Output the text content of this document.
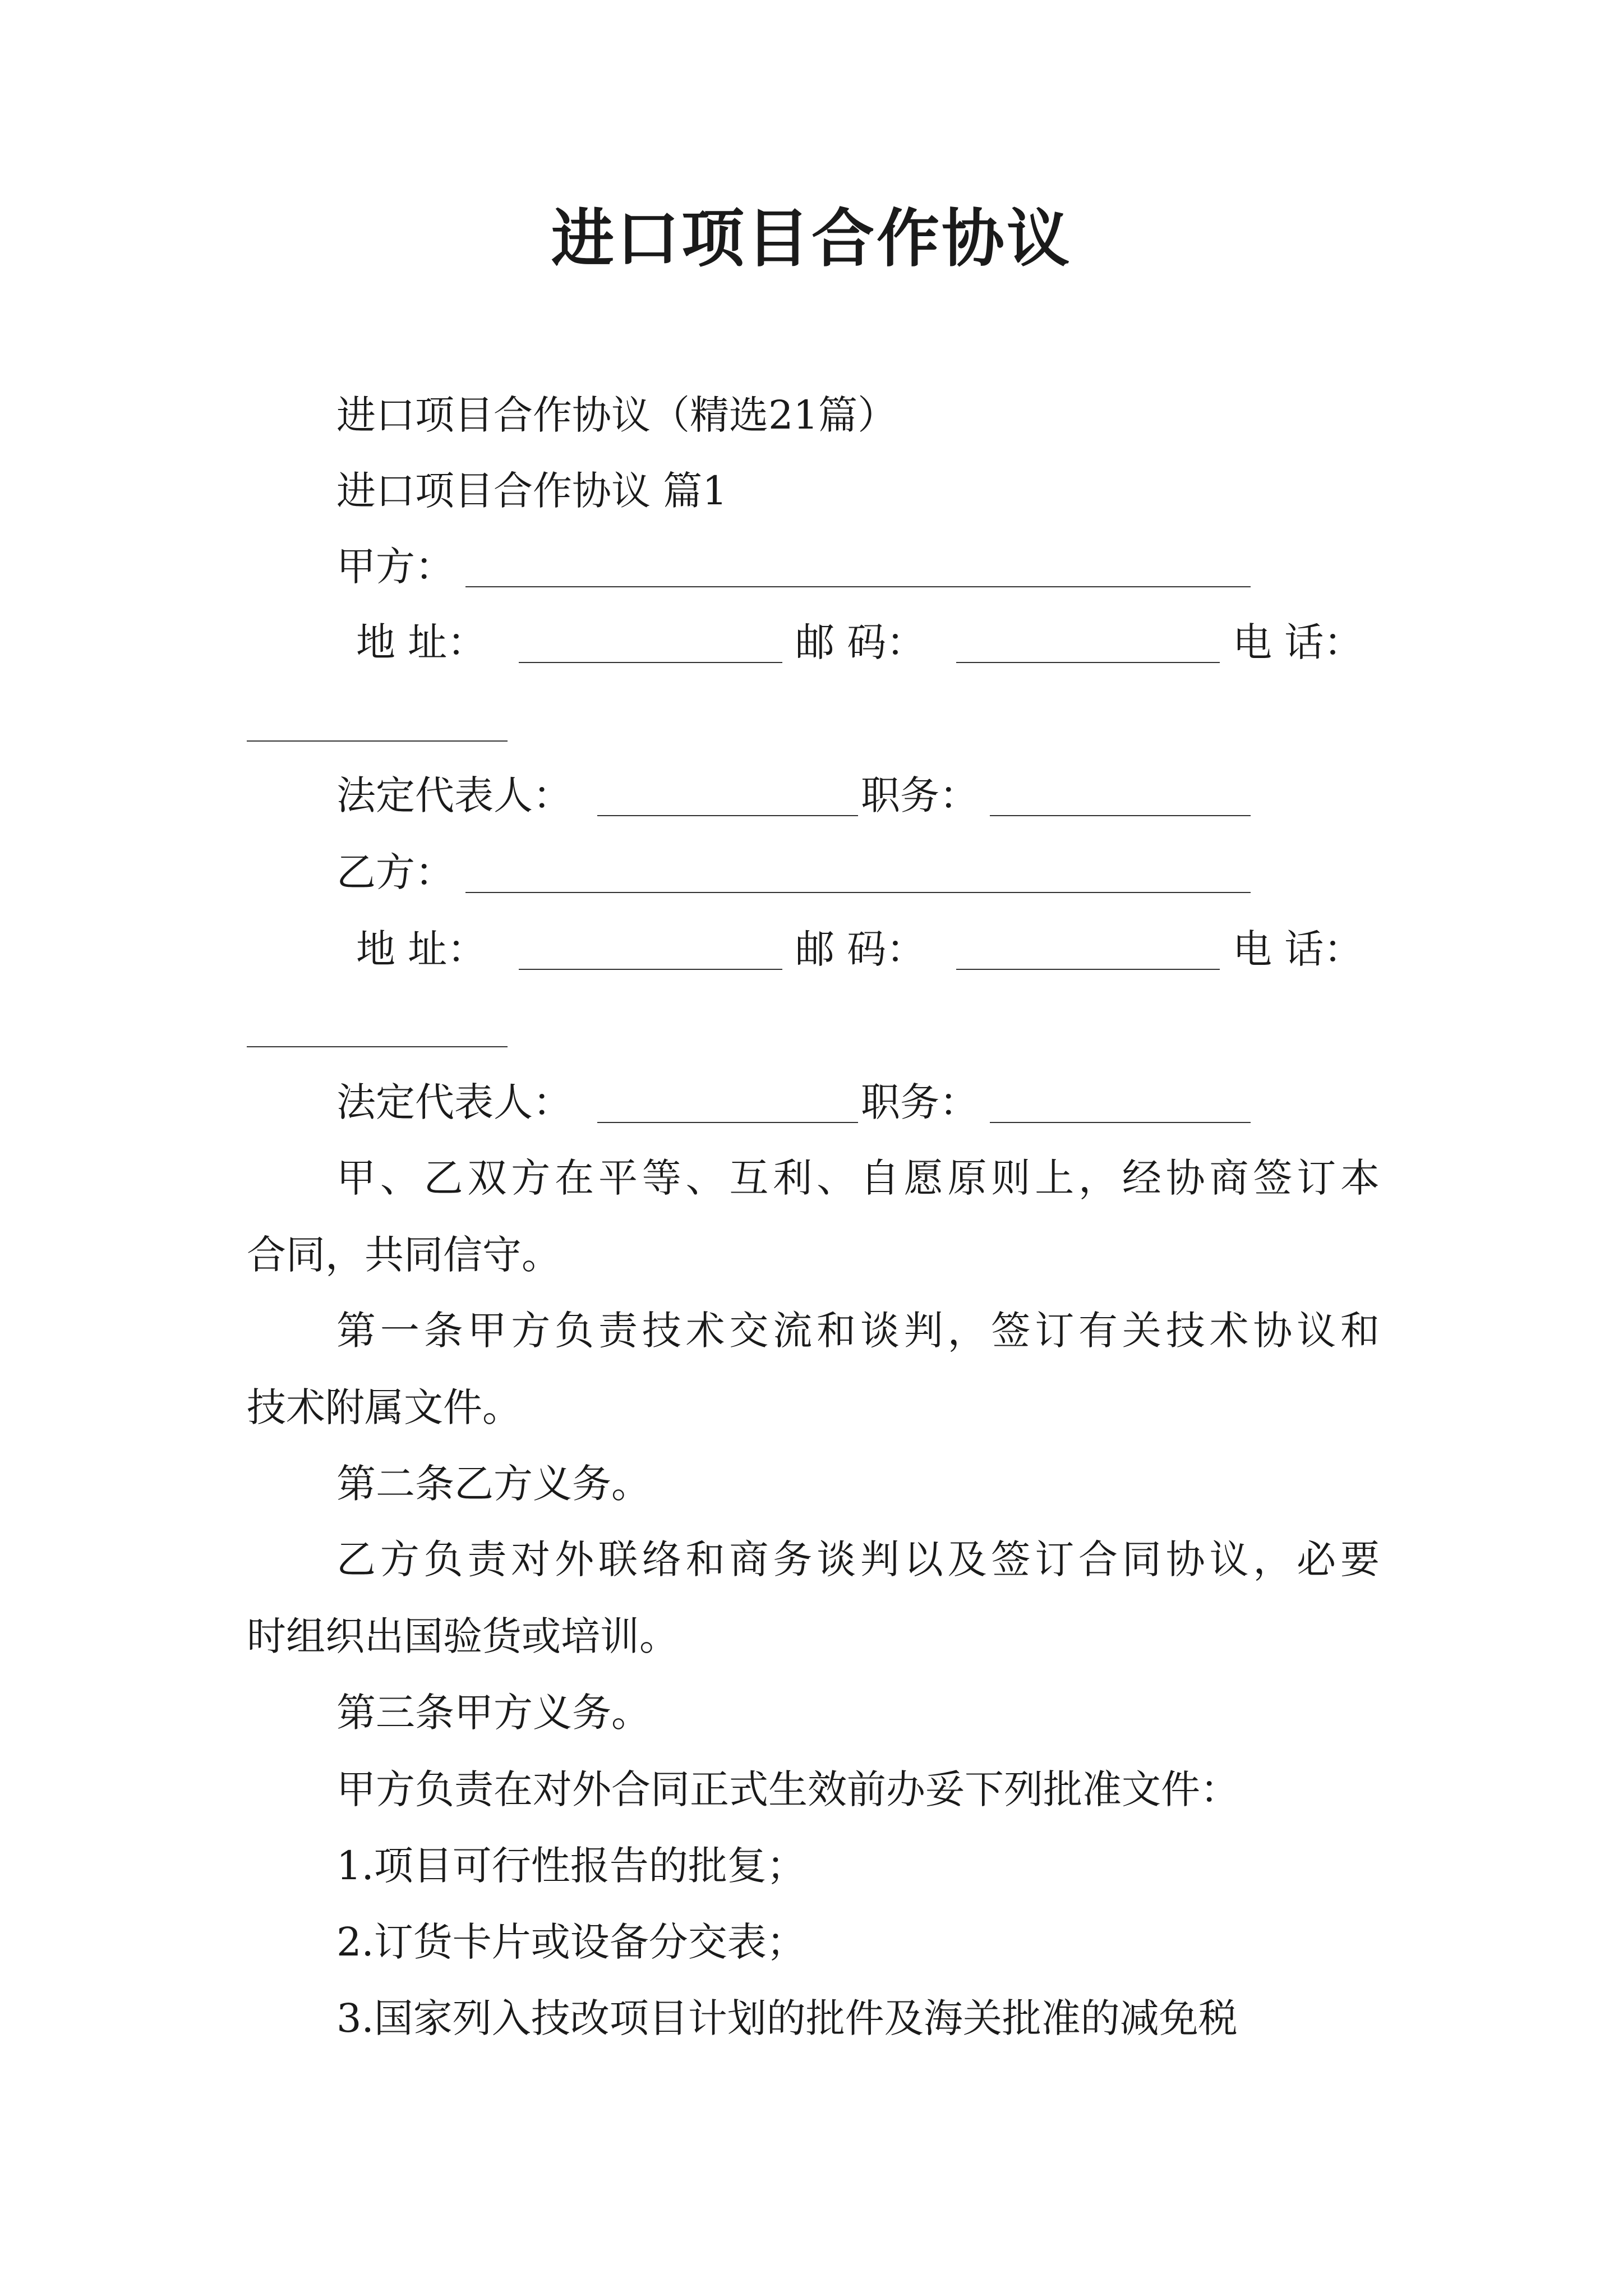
进口项目合作协议
进口项目合作协议（精选21篇）
进口项目合作协议 篇1
甲方：
地 址：	邮 码：	电 话：
法定代表人：	职务：
乙方：
地 址：	邮 码：	电 话：
法定代表人：	职务：
甲、乙双方在平等、互利、自愿原则上，经协商签订本
合同，共同信守。
第一条甲方负责技术交流和谈判，签订有关技术协议和
技术附属文件。
第二条乙方义务。
乙方负责对外联络和商务谈判以及签订合同协议，必要
时组织出国验货或培训。
第三条甲方义务。
甲方负责在对外合同正式生效前办妥下列批准文件：
1.项目可行性报告的批复；
2.订货卡片或设备分交表；
3.国家列入技改项目计划的批件及海关批准的减免税
